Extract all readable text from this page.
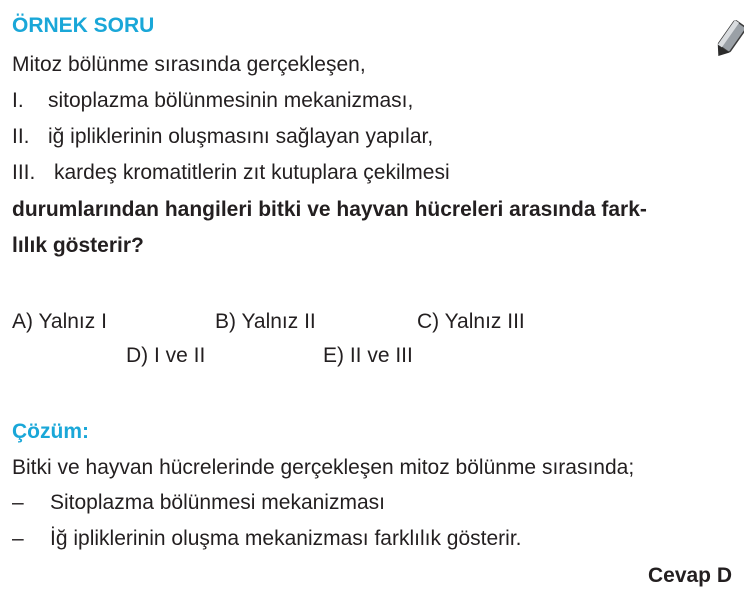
ÖRNEK SORU
Mitoz bölünme sırasında gerçekleşen,
I. sitoplazma bölünmesinin mekanizması,
II. iğ ipliklerinin oluşmasını sağlayan yapılar,
III. kardeş kromatitlerin zıt kutuplara çekilmesi
durumlarından hangileri bitki ve hayvan hücreleri arasında fark-
lılık gösterir?
A) Yalnız I	B) Yalnız II	C) Yalnız III
D) I ve II	E) II ve III
Çözüm:
Bitki ve hayvan hücrelerinde gerçekleşen mitoz bölünme sırasında;
– Sitoplazma bölünmesi mekanizması
– İğ ipliklerinin oluşma mekanizması farklılık gösterir.
Cevap D
